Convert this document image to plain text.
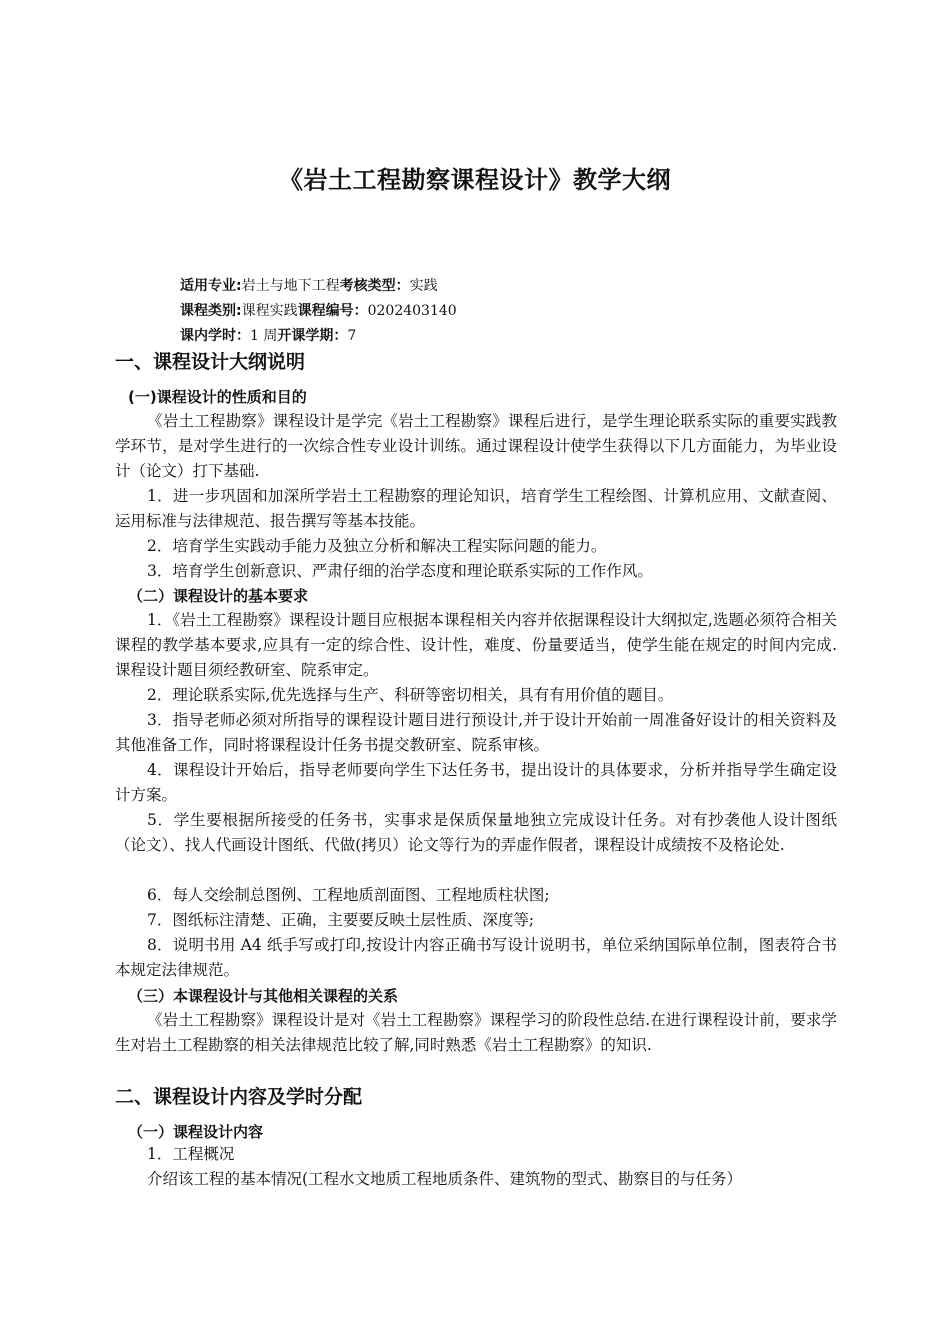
《岩土工程勘察课程设计》教学大纲
适用专业:岩土与地下工程考核类型：实践
课程类别:课程实践课程编号：0202403140
课内学时：1 周开课学期：7
一、课程设计大纲说明
(一)课程设计的性质和目的

《岩土工程勘察》课程设计是学完《岩土工程勘察》课程后进行，是学生理论联系实际的重要实践教学环节，是对学生进行的一次综合性专业设计训练。通过课程设计使学生获得以下几方面能力，为毕业设计（论文）打下基础.

1．进一步巩固和加深所学岩土工程勘察的理论知识，培育学生工程绘图、计算机应用、文献查阅、运用标准与法律规范、报告撰写等基本技能。

2．培育学生实践动手能力及独立分析和解决工程实际问题的能力。

3．培育学生创新意识、严肃仔细的治学态度和理论联系实际的工作作风。

（二）课程设计的基本要求

1．《岩土工程勘察》课程设计题目应根据本课程相关内容并依据课程设计大纲拟定,选题必须符合相关课程的教学基本要求,应具有一定的综合性、设计性，难度、份量要适当，使学生能在规定的时间内完成.课程设计题目须经教研室、院系审定。

2．理论联系实际,优先选择与生产、科研等密切相关，具有有用价值的题目。

3．指导老师必须对所指导的课程设计题目进行预设计,并于设计开始前一周准备好设计的相关资料及其他准备工作，同时将课程设计任务书提交教研室、院系审核。

4．课程设计开始后，指导老师要向学生下达任务书，提出设计的具体要求，分析并指导学生确定设计方案。

5．学生要根据所接受的任务书，实事求是保质保量地独立完成设计任务。对有抄袭他人设计图纸（论文）、找人代画设计图纸、代做(拷贝）论文等行为的弄虚作假者，课程设计成绩按不及格论处.

6．每人交绘制总图例、工程地质剖面图、工程地质柱状图;

7．图纸标注清楚、正确，主要要反映土层性质、深度等;

8．说明书用 A4 纸手写或打印,按设计内容正确书写设计说明书，单位采纳国际单位制，图表符合书本规定法律规范。

（三）本课程设计与其他相关课程的关系

《岩土工程勘察》课程设计是对《岩土工程勘察》课程学习的阶段性总结.在进行课程设计前，要求学生对岩土工程勘察的相关法律规范比较了解,同时熟悉《岩土工程勘察》的知识.

二、课程设计内容及学时分配
（一）课程设计内容

1．工程概况

介绍该工程的基本情况(工程水文地质工程地质条件、建筑物的型式、勘察目的与任务）
